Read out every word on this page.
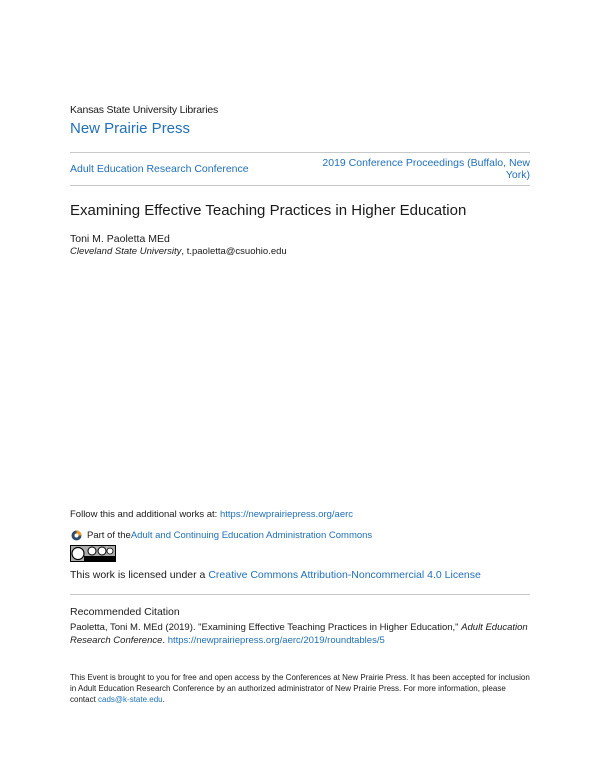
Kansas State University Libraries
New Prairie Press
Adult Education Research Conference	2019 Conference Proceedings (Buffalo, New York)
Examining Effective Teaching Practices in Higher Education
Toni M. Paoletta MEd
Cleveland State University, t.paoletta@csuohio.edu
Follow this and additional works at: https://newprairiepress.org/aerc
Part of the Adult and Continuing Education Administration Commons
This work is licensed under a Creative Commons Attribution-Noncommercial 4.0 License
Recommended Citation
Paoletta, Toni M. MEd (2019). "Examining Effective Teaching Practices in Higher Education," Adult Education Research Conference. https://newprairiepress.org/aerc/2019/roundtables/5
This Event is brought to you for free and open access by the Conferences at New Prairie Press. It has been accepted for inclusion in Adult Education Research Conference by an authorized administrator of New Prairie Press. For more information, please contact cads@k-state.edu.
